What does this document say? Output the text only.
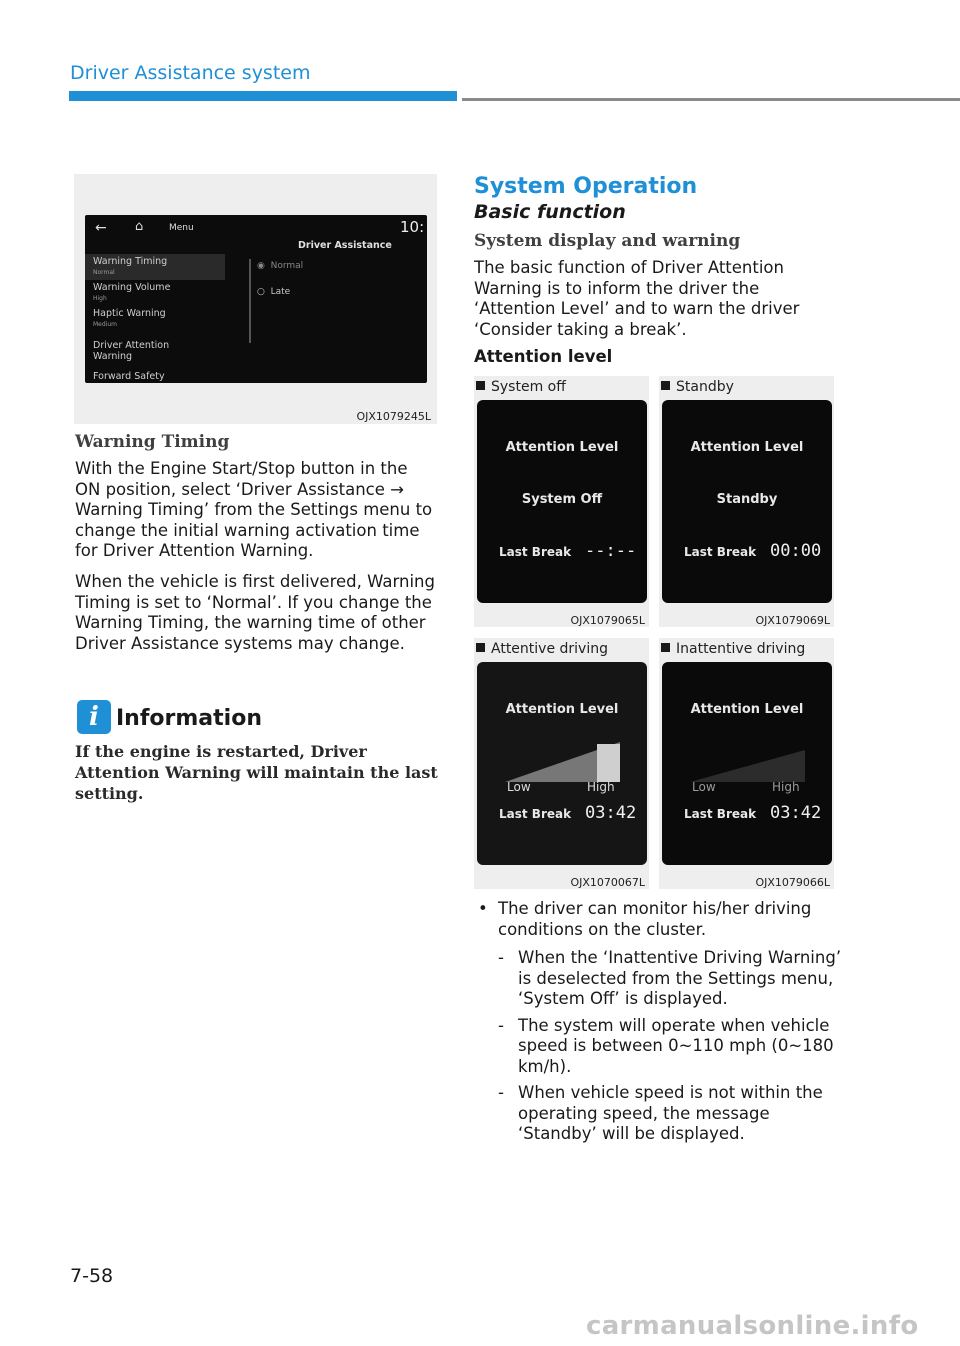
Driver Assistance system
← ⌂	Menu	10:
Driver Assistance
Warning Timing
Normal
Warning Volume
High
Haptic Warning
Medium
Driver Attention
Warning
Forward Safety
◉ Normal
○ Late
OJX1079245L
Warning Timing
With the Engine Start/Stop button in the ON position, select ‘Driver Assistance → Warning Timing’ from the Settings menu to change the initial warning activation time for Driver Attention Warning.
When the vehicle is first delivered, Warning Timing is set to ‘Normal’. If you change the Warning Timing, the warning time of other Driver Assistance systems may change.
i Information
If the engine is restarted, Driver Attention Warning will maintain the last setting.
System Operation
Basic function
System display and warning
The basic function of Driver Attention Warning is to inform the driver the ‘Attention Level’ and to warn the driver ‘Consider taking a break’.
Attention level
System off
Attention Level
System Off
Last Break --:--
OJX1079065L
Standby
Attention Level
Standby
Last Break 00:00
OJX1079069L
Attentive driving
Attention Level
Low	High
Last Break 03:42
OJX1070067L
Inattentive driving
Attention Level
Low	High
Last Break 03:42
OJX1079066L
• The driver can monitor his/her driving conditions on the cluster.
- When the ‘Inattentive Driving Warning’ is deselected from the Settings menu, ‘System Off’ is displayed.
- The system will operate when vehicle speed is between 0~110 mph (0~180 km/h).
- When vehicle speed is not within the operating speed, the message ‘Standby’ will be displayed.
7-58
carmanualsonline.info
